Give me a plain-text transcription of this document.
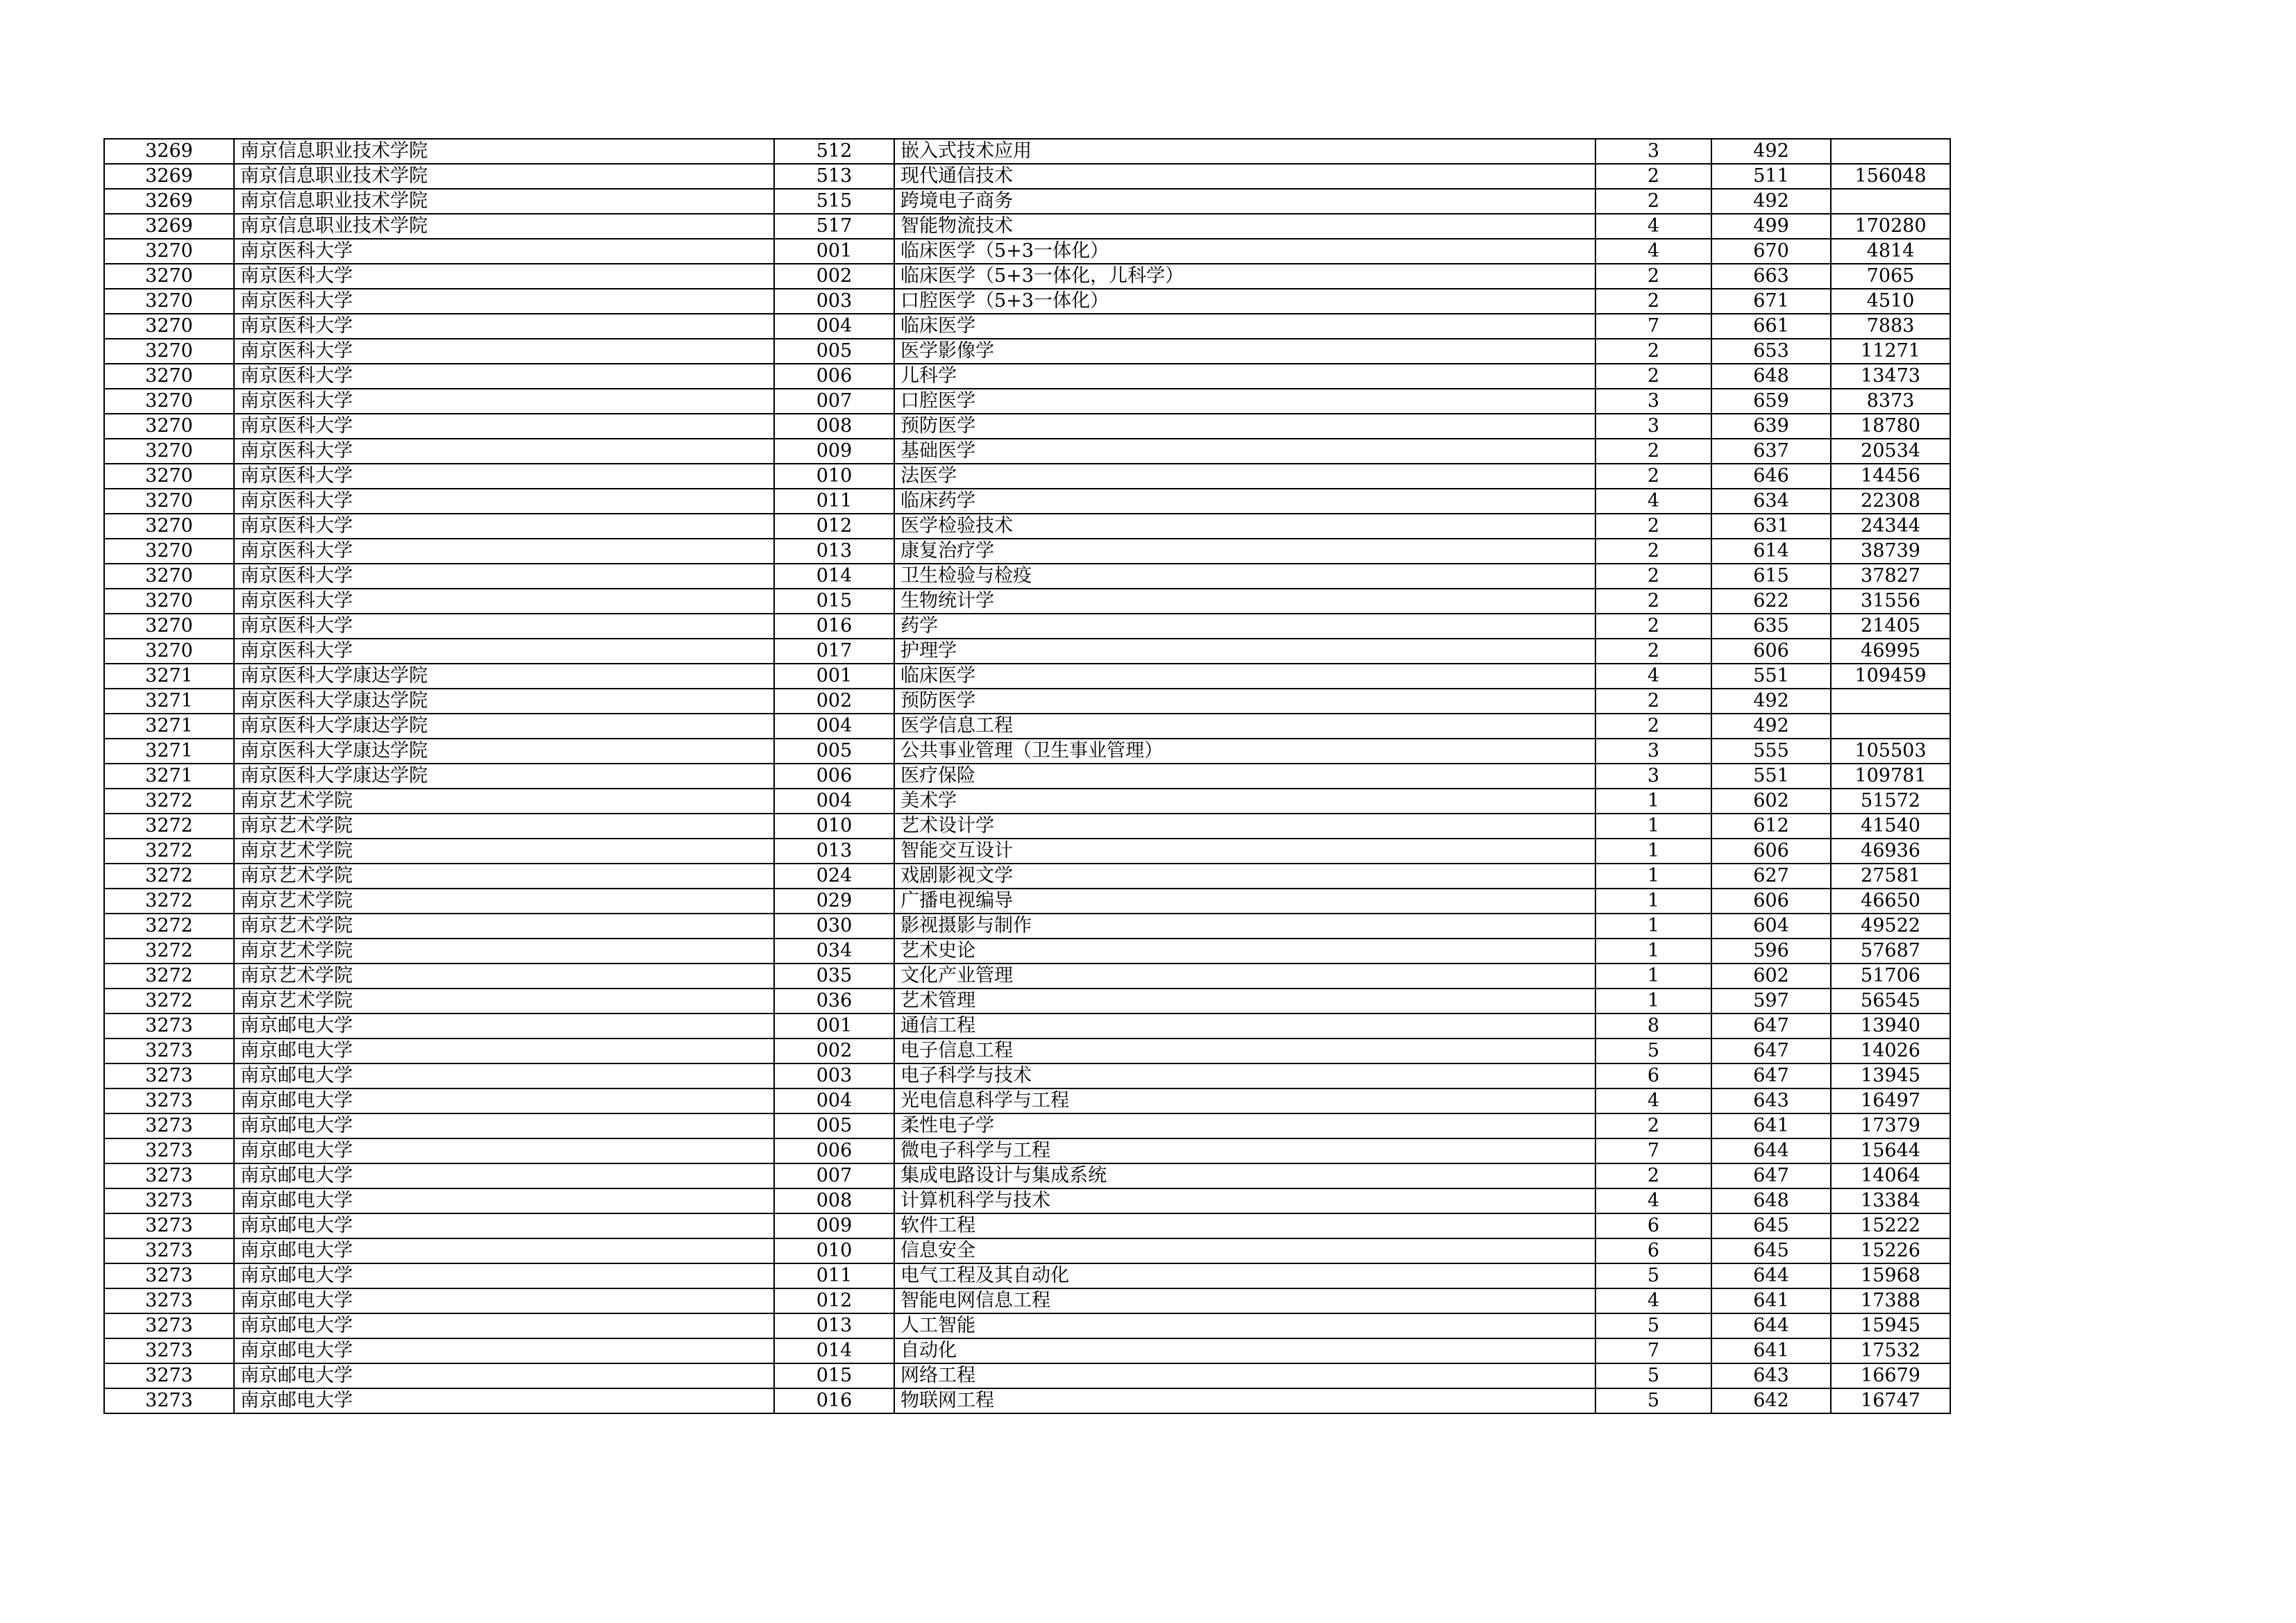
3269	南京信息职业技术学院	512	嵌入式技术应用	3	492	
3269	南京信息职业技术学院	513	现代通信技术	2	511	156048
3269	南京信息职业技术学院	515	跨境电子商务	2	492	
3269	南京信息职业技术学院	517	智能物流技术	4	499	170280
3270	南京医科大学	001	临床医学（5+3一体化）	4	670	4814
3270	南京医科大学	002	临床医学（5+3一体化，儿科学）	2	663	7065
3270	南京医科大学	003	口腔医学（5+3一体化）	2	671	4510
3270	南京医科大学	004	临床医学	7	661	7883
3270	南京医科大学	005	医学影像学	2	653	11271
3270	南京医科大学	006	儿科学	2	648	13473
3270	南京医科大学	007	口腔医学	3	659	8373
3270	南京医科大学	008	预防医学	3	639	18780
3270	南京医科大学	009	基础医学	2	637	20534
3270	南京医科大学	010	法医学	2	646	14456
3270	南京医科大学	011	临床药学	4	634	22308
3270	南京医科大学	012	医学检验技术	2	631	24344
3270	南京医科大学	013	康复治疗学	2	614	38739
3270	南京医科大学	014	卫生检验与检疫	2	615	37827
3270	南京医科大学	015	生物统计学	2	622	31556
3270	南京医科大学	016	药学	2	635	21405
3270	南京医科大学	017	护理学	2	606	46995
3271	南京医科大学康达学院	001	临床医学	4	551	109459
3271	南京医科大学康达学院	002	预防医学	2	492	
3271	南京医科大学康达学院	004	医学信息工程	2	492	
3271	南京医科大学康达学院	005	公共事业管理（卫生事业管理）	3	555	105503
3271	南京医科大学康达学院	006	医疗保险	3	551	109781
3272	南京艺术学院	004	美术学	1	602	51572
3272	南京艺术学院	010	艺术设计学	1	612	41540
3272	南京艺术学院	013	智能交互设计	1	606	46936
3272	南京艺术学院	024	戏剧影视文学	1	627	27581
3272	南京艺术学院	029	广播电视编导	1	606	46650
3272	南京艺术学院	030	影视摄影与制作	1	604	49522
3272	南京艺术学院	034	艺术史论	1	596	57687
3272	南京艺术学院	035	文化产业管理	1	602	51706
3272	南京艺术学院	036	艺术管理	1	597	56545
3273	南京邮电大学	001	通信工程	8	647	13940
3273	南京邮电大学	002	电子信息工程	5	647	14026
3273	南京邮电大学	003	电子科学与技术	6	647	13945
3273	南京邮电大学	004	光电信息科学与工程	4	643	16497
3273	南京邮电大学	005	柔性电子学	2	641	17379
3273	南京邮电大学	006	微电子科学与工程	7	644	15644
3273	南京邮电大学	007	集成电路设计与集成系统	2	647	14064
3273	南京邮电大学	008	计算机科学与技术	4	648	13384
3273	南京邮电大学	009	软件工程	6	645	15222
3273	南京邮电大学	010	信息安全	6	645	15226
3273	南京邮电大学	011	电气工程及其自动化	5	644	15968
3273	南京邮电大学	012	智能电网信息工程	4	641	17388
3273	南京邮电大学	013	人工智能	5	644	15945
3273	南京邮电大学	014	自动化	7	641	17532
3273	南京邮电大学	015	网络工程	5	643	16679
3273	南京邮电大学	016	物联网工程	5	642	16747
